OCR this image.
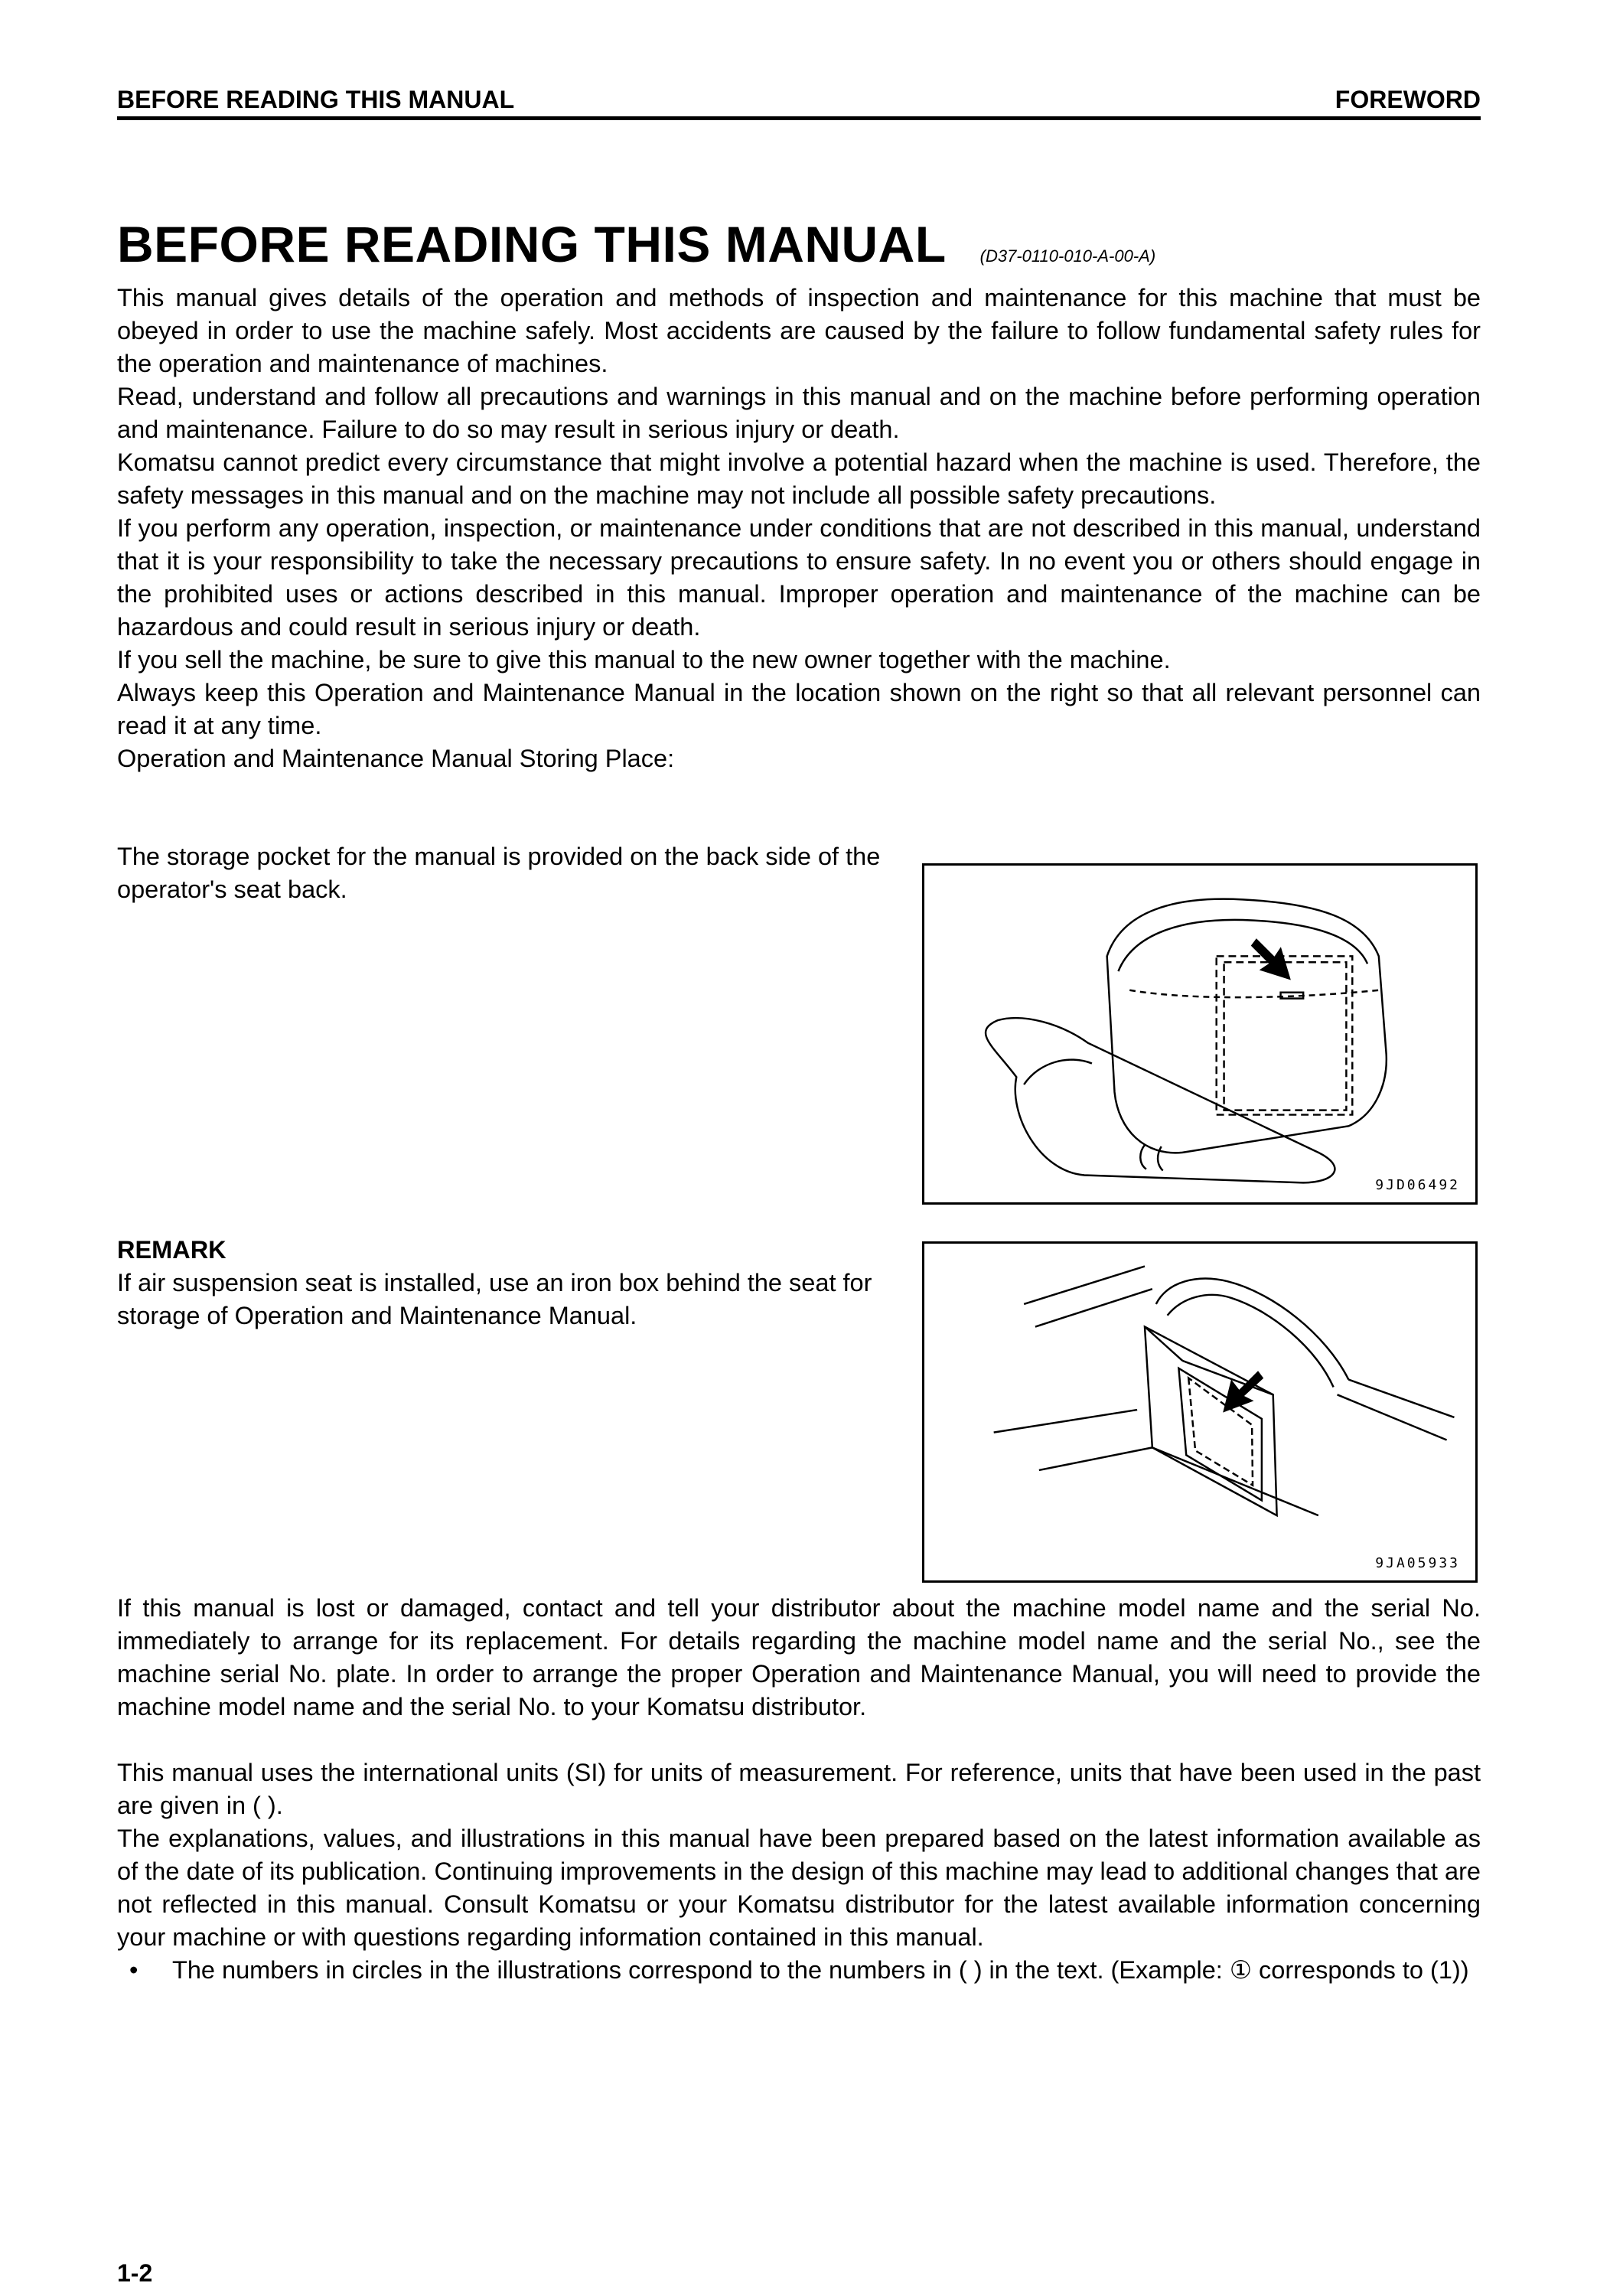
BEFORE READING THIS MANUAL	FOREWORD
BEFORE READING THIS MANUAL (D37-0110-010-A-00-A)

This manual gives details of the operation and methods of inspection and maintenance for this machine that must be obeyed in order to use the machine safely. Most accidents are caused by the failure to follow fundamental safety rules for the operation and maintenance of machines.

Read, understand and follow all precautions and warnings in this manual and on the machine before performing operation and maintenance. Failure to do so may result in serious injury or death.

Komatsu cannot predict every circumstance that might involve a potential hazard when the machine is used. Therefore, the safety messages in this manual and on the machine may not include all possible safety precautions.

If you perform any operation, inspection, or maintenance under conditions that are not described in this manual, understand that it is your responsibility to take the necessary precautions to ensure safety. In no event you or others should engage in the prohibited uses or actions described in this manual. Improper operation and maintenance of the machine can be hazardous and could result in serious injury or death.

If you sell the machine, be sure to give this manual to the new owner together with the machine.

Always keep this Operation and Maintenance Manual in the location shown on the right so that all relevant personnel can read it at any time.

Operation and Maintenance Manual Storing Place:

The storage pocket for the manual is provided on the back side of the operator's seat back.

9JD06492
REMARK
If air suspension seat is installed, use an iron box behind the seat for storage of Operation and Maintenance Manual.
9JA05933

If this manual is lost or damaged, contact and tell your distributor about the machine model name and the serial No. immediately to arrange for its replacement. For details regarding the machine model name and the serial No., see the machine serial No. plate. In order to arrange the proper Operation and Maintenance Manual, you will need to provide the machine model name and the serial No. to your Komatsu distributor.

This manual uses the international units (SI) for units of measurement. For reference, units that have been used in the past are given in ( ).

The explanations, values, and illustrations in this manual have been prepared based on the latest information available as of the date of its publication. Continuing improvements in the design of this machine may lead to additional changes that are not reflected in this manual. Consult Komatsu or your Komatsu distributor for the latest available information concerning your machine or with questions regarding information contained in this manual.

•	The numbers in circles in the illustrations correspond to the numbers in ( ) in the text. (Example: ① corresponds to (1))
1-2
